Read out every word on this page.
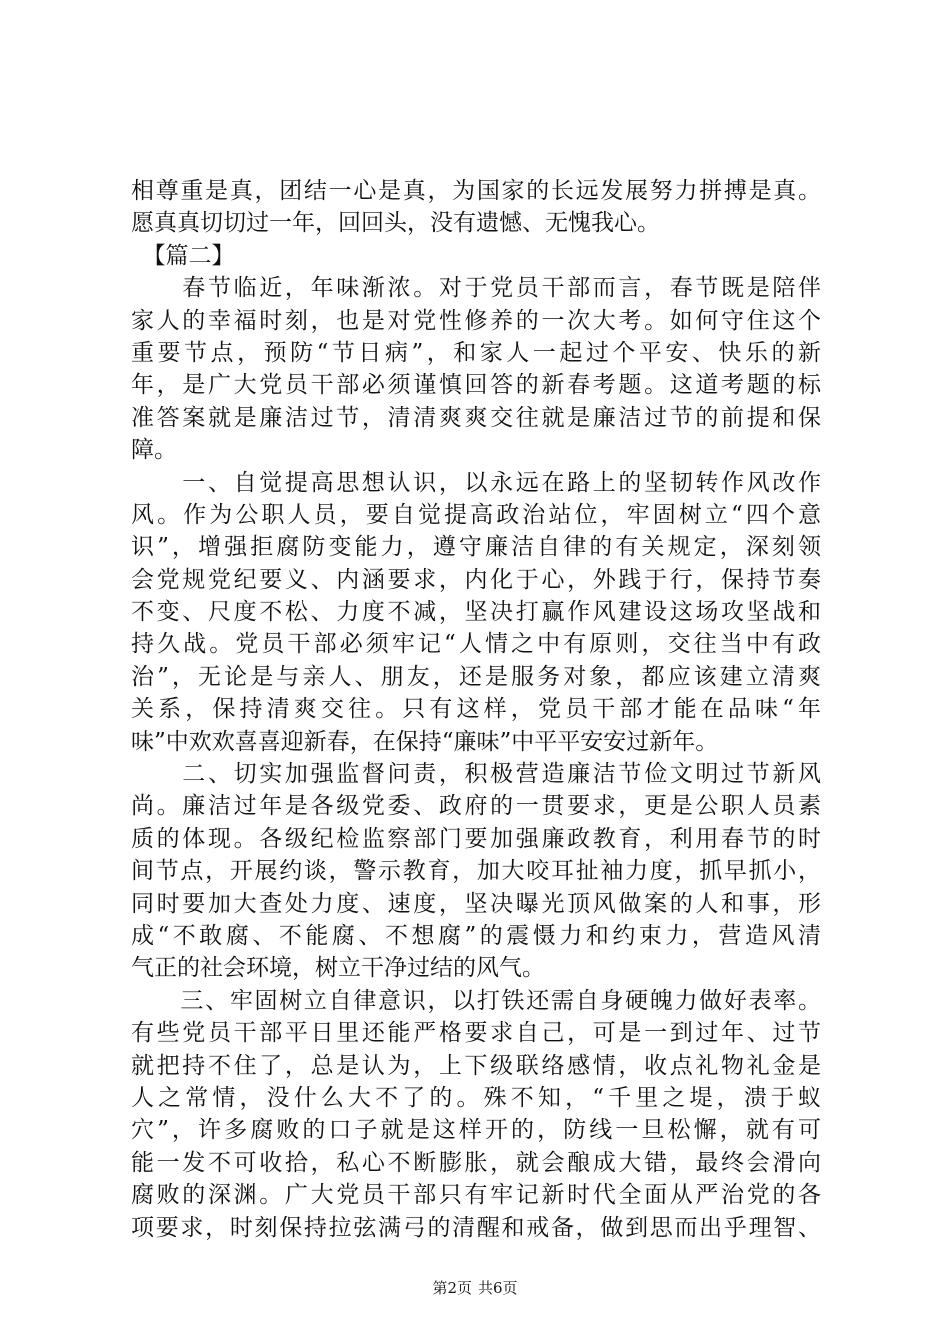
相尊重是真，团结一心是真，为国家的长远发展努力拼搏是真。
愿真真切切过一年，回回头，没有遗憾、无愧我心。
　【篇二】
　　春节临近，年味渐浓。对于党员干部而言，春节既是陪伴
家人的幸福时刻，也是对党性修养的一次大考。如何守住这个
重要节点，预防“节日病”，和家人一起过个平安、快乐的新
年，是广大党员干部必须谨慎回答的新春考题。这道考题的标
准答案就是廉洁过节，清清爽爽交往就是廉洁过节的前提和保
障。
　　一、自觉提高思想认识，以永远在路上的坚韧转作风改作
风。作为公职人员，要自觉提高政治站位，牢固树立“四个意
识”，增强拒腐防变能力，遵守廉洁自律的有关规定，深刻领
会党规党纪要义、内涵要求，内化于心，外践于行，保持节奏
不变、尺度不松、力度不减，坚决打赢作风建设这场攻坚战和
持久战。党员干部必须牢记“人情之中有原则，交往当中有政
治”，无论是与亲人、朋友，还是服务对象，都应该建立清爽
关系，保持清爽交往。只有这样，党员干部才能在品味“年
味”中欢欢喜喜迎新春，在保持“廉味”中平平安安过新年。
　　二、切实加强监督问责，积极营造廉洁节俭文明过节新风
尚。廉洁过年是各级党委、政府的一贯要求，更是公职人员素
质的体现。各级纪检监察部门要加强廉政教育，利用春节的时
间节点，开展约谈，警示教育，加大咬耳扯袖力度，抓早抓小，
同时要加大查处力度、速度，坚决曝光顶风做案的人和事，形
成“不敢腐、不能腐、不想腐”的震慑力和约束力，营造风清
气正的社会环境，树立干净过结的风气。
　　三、牢固树立自律意识，以打铁还需自身硬魄力做好表率。
有些党员干部平日里还能严格要求自己，可是一到过年、过节
就把持不住了，总是认为，上下级联络感情，收点礼物礼金是
人之常情，没什么大不了的。殊不知，“千里之堤，溃于蚁
穴”，许多腐败的口子就是这样开的，防线一旦松懈，就有可
能一发不可收拾，私心不断膨胀，就会酿成大错，最终会滑向
腐败的深渊。广大党员干部只有牢记新时代全面从严治党的各
项要求，时刻保持拉弦满弓的清醒和戒备，做到思而出乎理智、
第2页 共6页
